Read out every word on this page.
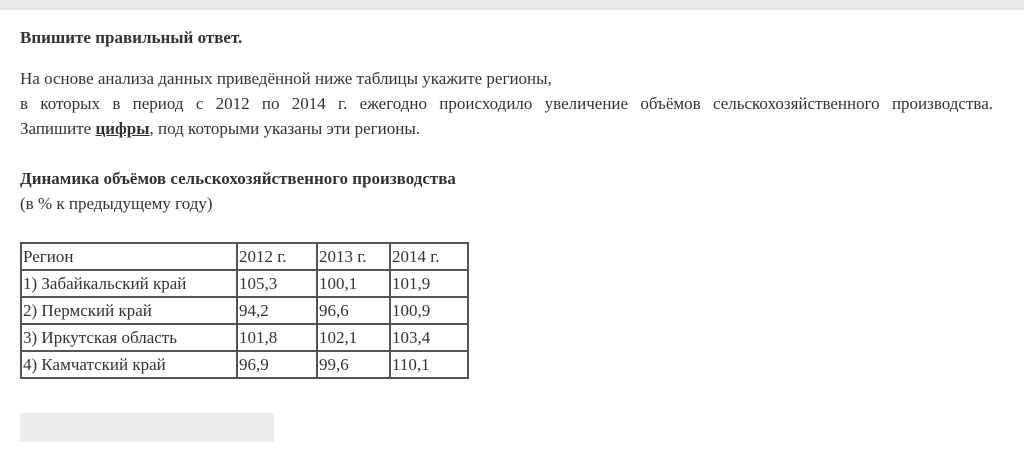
Впишите правильный ответ.

На основе анализа данных приведённой ниже таблицы укажите регионы,
в которых в период с 2012 по 2014 г. ежегодно происходило увеличение объёмов сельскохозяйственного производства.
Запишите цифры, под которыми указаны эти регионы.

Динамика объёмов сельскохозяйственного производства

(в % к предыдущему году)

Регион	2012 г.	2013 г.	2014 г.
1) Забайкальский край	105,3	100,1	101,9
2) Пермский край	94,2	96,6	100,9
3) Иркутская область	101,8	102,1	103,4
4) Камчатский край	96,9	99,6	110,1
